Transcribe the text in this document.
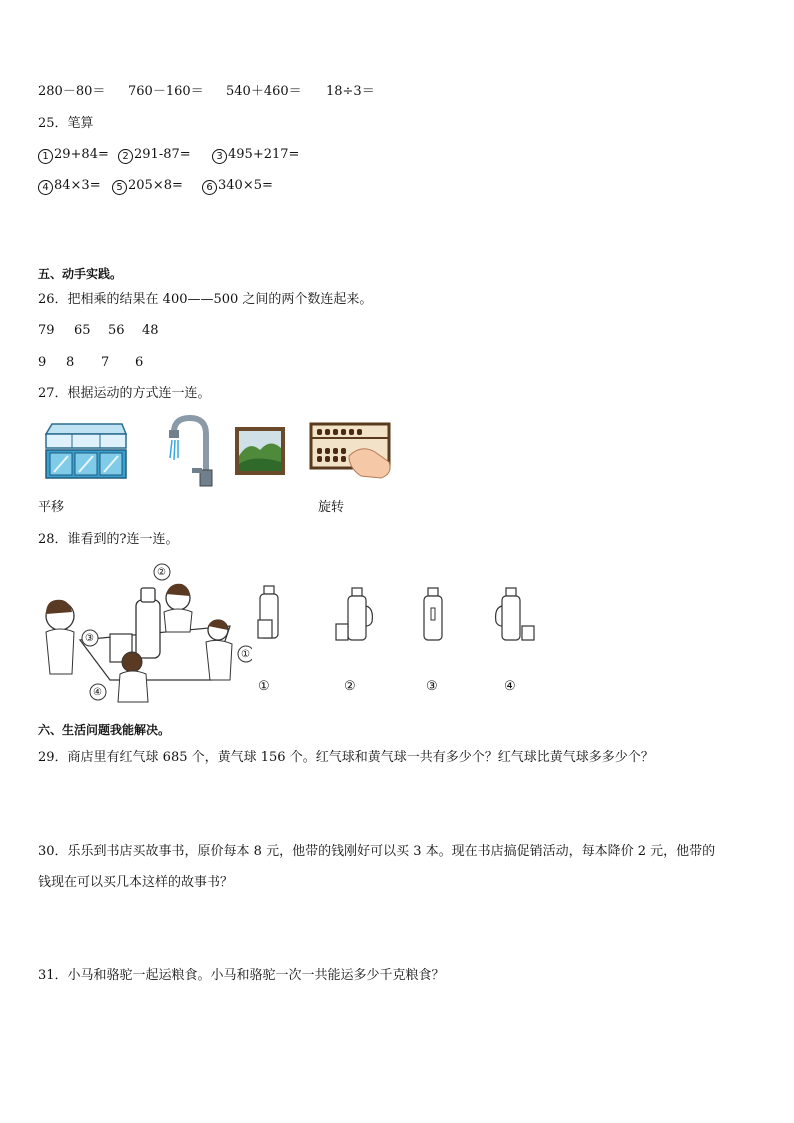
280－80＝ 760－160＝ 540＋460＝ 18÷3＝
25．笔算
1 29+84=	2 291-87=	3 495+217=
4 84×3=	5 205×8=	6 340×5=
五、动手实践。
26．把相乘的结果在 400——500 之间的两个数连起来。
79 65 56 48
9 8 7 6
27．根据运动的方式连一连。
平移	旋转
28．谁看到的?连一连。
②
③
①
④	①	②	③	④
六、生活问题我能解决。
29．商店里有红气球 685 个，黄气球 156 个。红气球和黄气球一共有多少个？红气球比黄气球多多少个？
30．乐乐到书店买故事书，原价每本 8 元，他带的钱刚好可以买 3 本。现在书店搞促销活动，每本降价 2 元，他带的
钱现在可以买几本这样的故事书？
31．小马和骆驼一起运粮食。小马和骆驼一次一共能运多少千克粮食？
